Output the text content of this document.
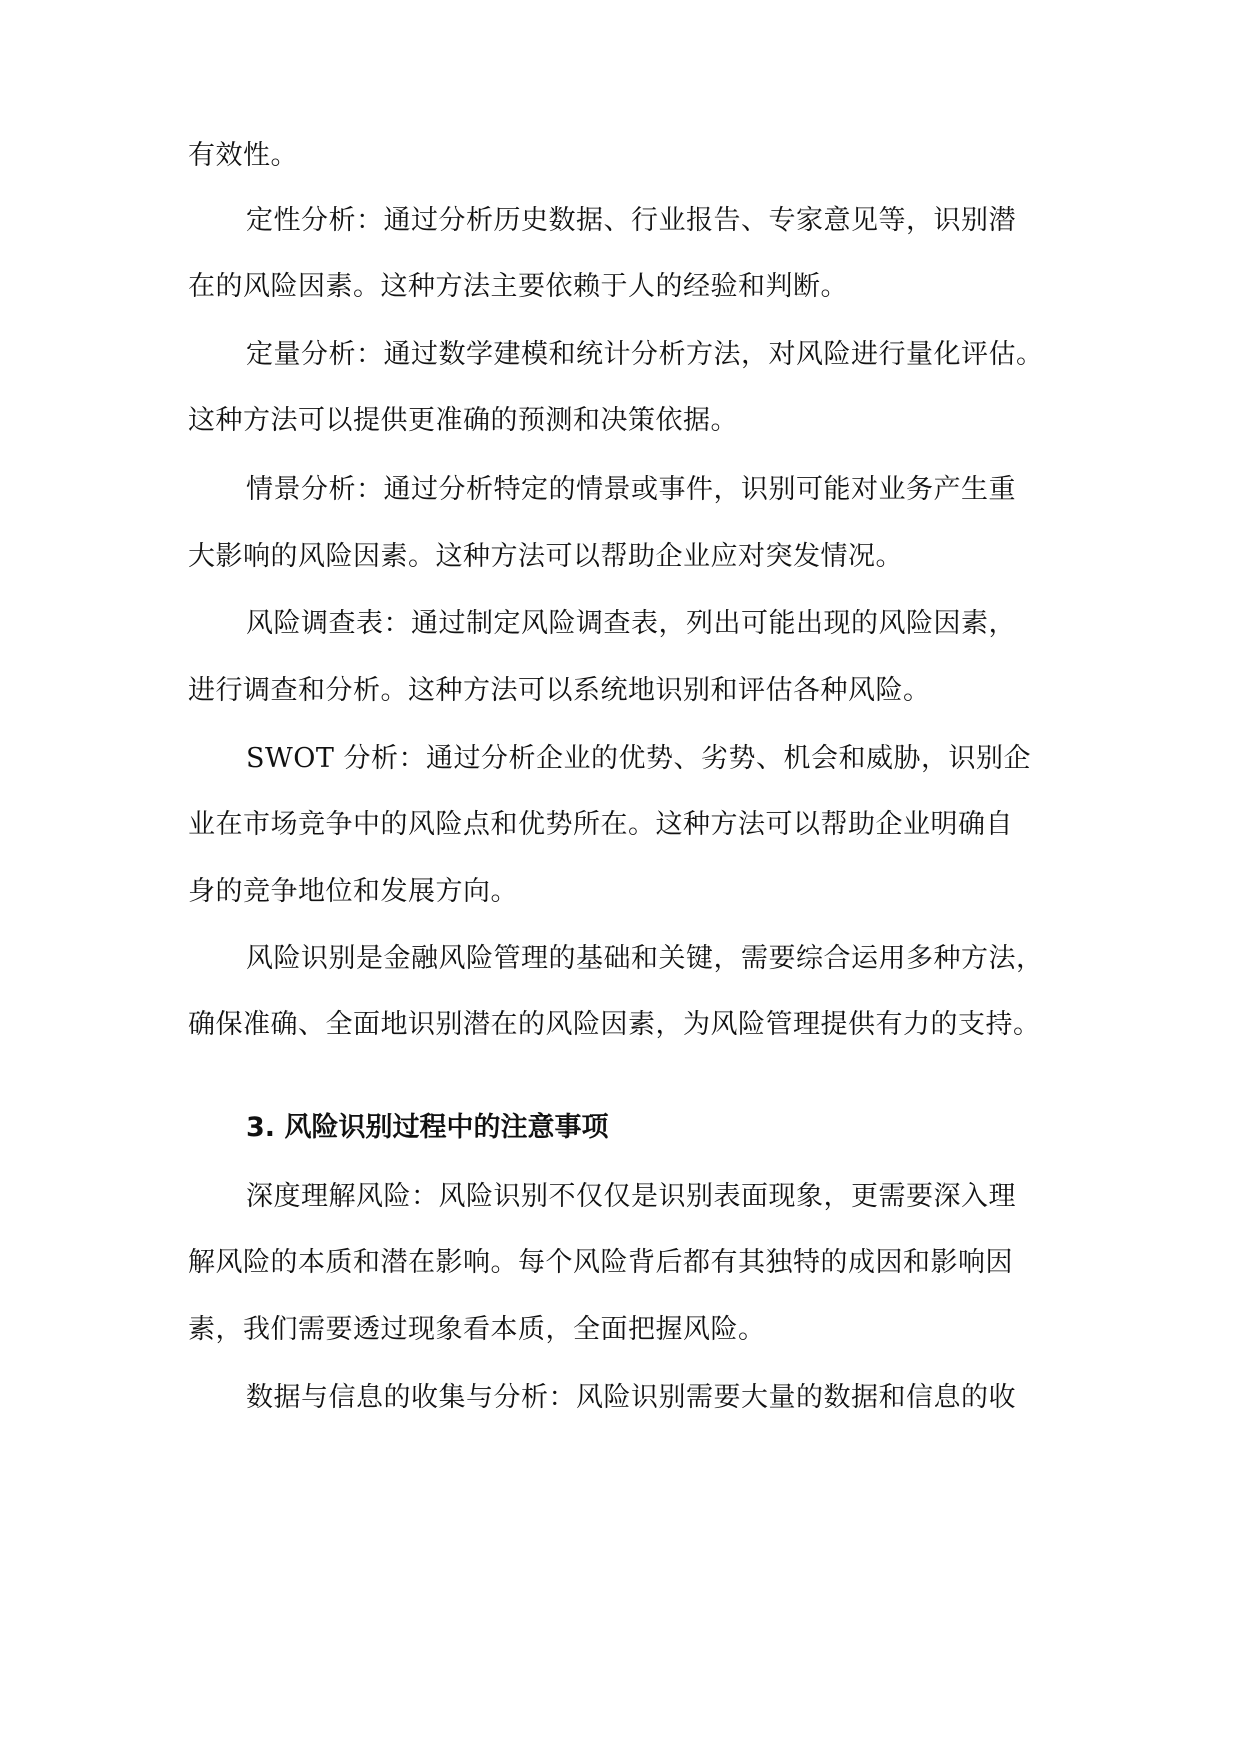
有效性。
定性分析：通过分析历史数据、行业报告、专家意见等，识别潜
在的风险因素。这种方法主要依赖于人的经验和判断。
定量分析：通过数学建模和统计分析方法，对风险进行量化评估。
这种方法可以提供更准确的预测和决策依据。
情景分析：通过分析特定的情景或事件，识别可能对业务产生重
大影响的风险因素。这种方法可以帮助企业应对突发情况。
风险调查表：通过制定风险调查表，列出可能出现的风险因素，
进行调查和分析。这种方法可以系统地识别和评估各种风险。
SWOT 分析：通过分析企业的优势、劣势、机会和威胁，识别企
业在市场竞争中的风险点和优势所在。这种方法可以帮助企业明确自
身的竞争地位和发展方向。
风险识别是金融风险管理的基础和关键，需要综合运用多种方法，
确保准确、全面地识别潜在的风险因素，为风险管理提供有力的支持。
3. 风险识别过程中的注意事项
深度理解风险：风险识别不仅仅是识别表面现象，更需要深入理
解风险的本质和潜在影响。每个风险背后都有其独特的成因和影响因
素，我们需要透过现象看本质，全面把握风险。
数据与信息的收集与分析：风险识别需要大量的数据和信息的收
